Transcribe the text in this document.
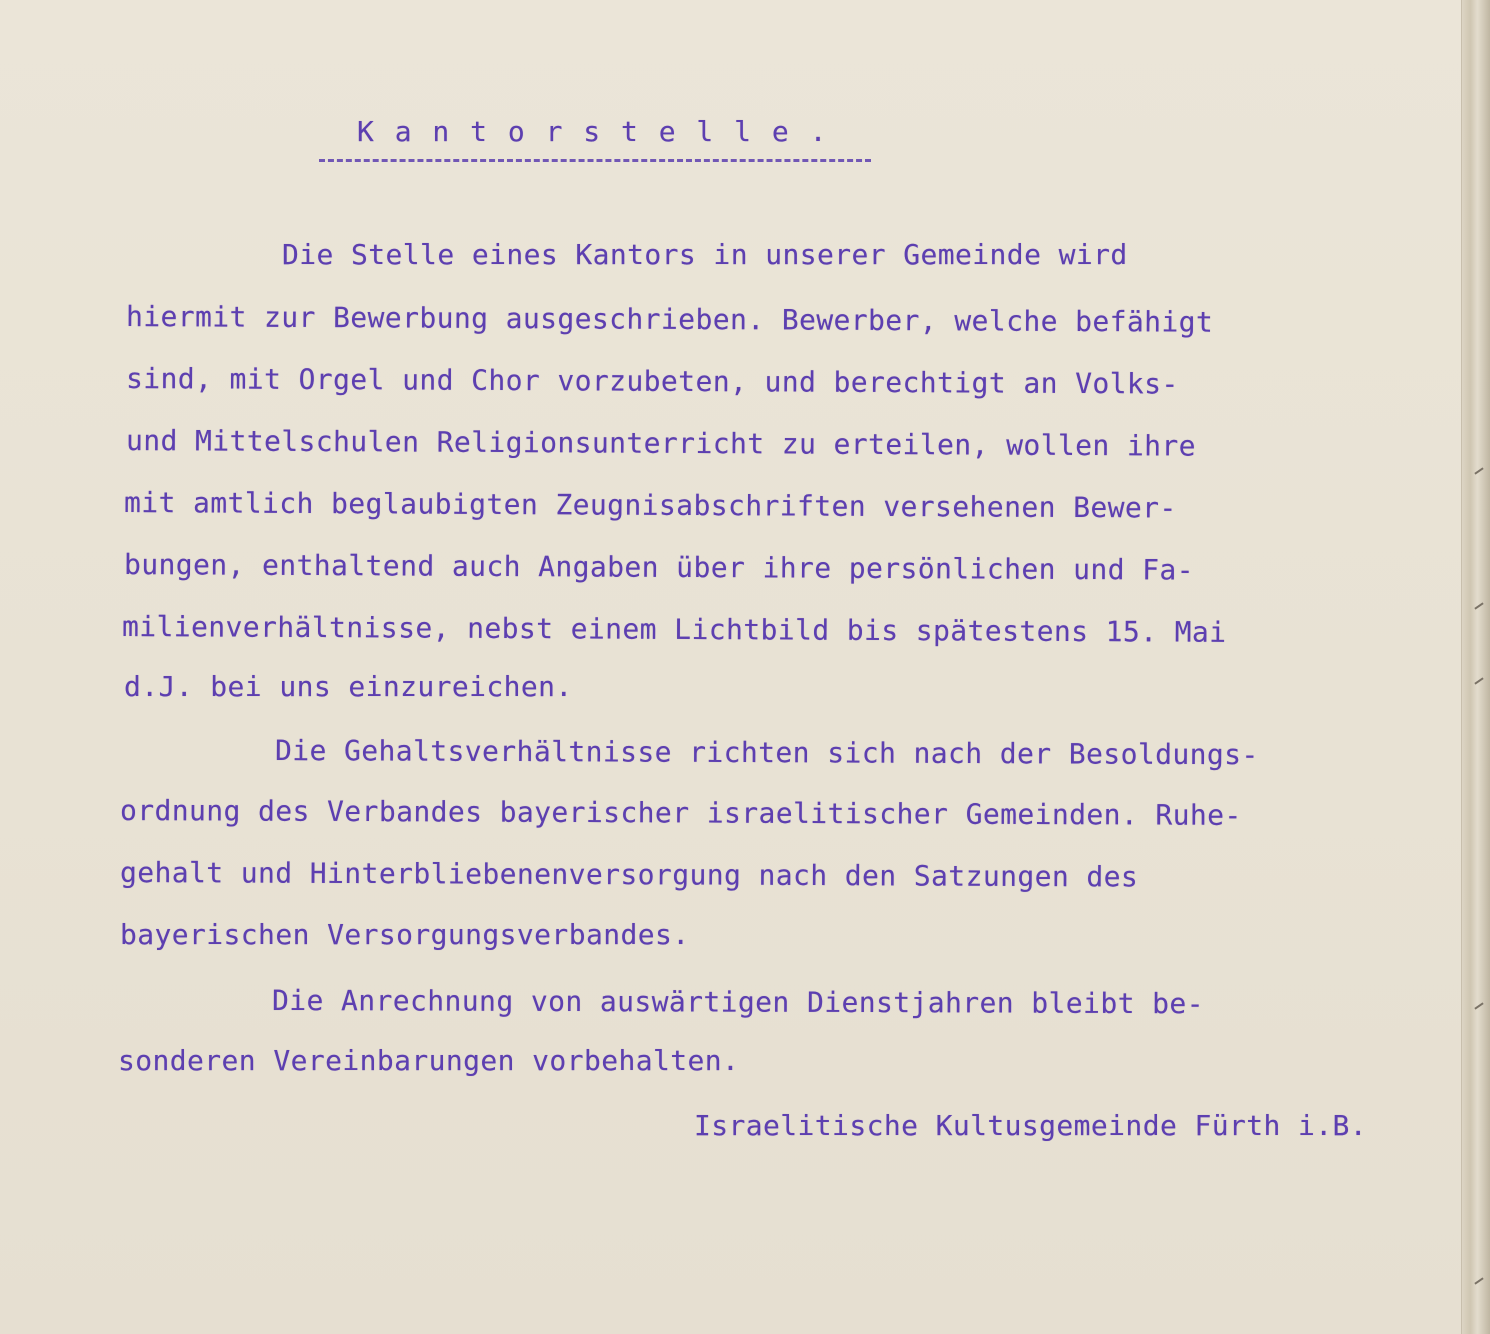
K a n t o r s t e l l e .

Die Stelle eines Kantors in unserer Gemeinde wird

hiermit zur Bewerbung ausgeschrieben. Bewerber, welche befähigt

sind, mit Orgel und Chor vorzubeten, und berechtigt an Volks-

und Mittelschulen Religionsunterricht zu erteilen, wollen ihre

mit amtlich beglaubigten Zeugnisabschriften versehenen Bewer-

bungen, enthaltend auch Angaben über ihre persönlichen und Fa-

milienverhältnisse, nebst einem Lichtbild bis spätestens 15. Mai

d.J. bei uns einzureichen.

Die Gehaltsverhältnisse richten sich nach der Besoldungs-

ordnung des Verbandes bayerischer israelitischer Gemeinden. Ruhe-

gehalt und Hinterbliebenenversorgung nach den Satzungen des

bayerischen Versorgungsverbandes.

Die Anrechnung von auswärtigen Dienstjahren bleibt be-

sonderen Vereinbarungen vorbehalten.

Israelitische Kultusgemeinde Fürth i.B.
